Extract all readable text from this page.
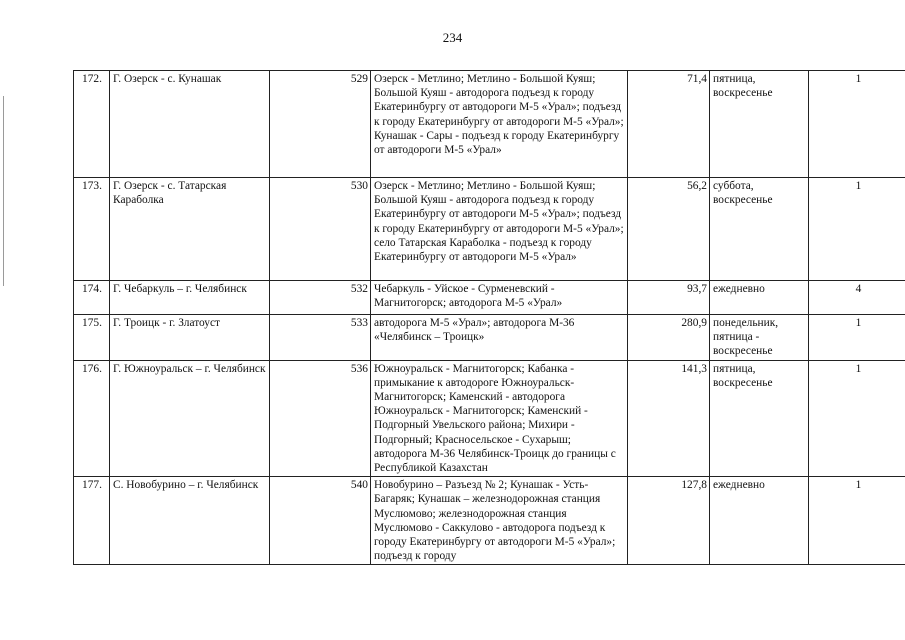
234
172.	Г. Озерск - с. Кунашак	529	Озерск - Метлино; Метлино - Большой Куяш; Большой Куяш - автодорога подъезд к городу Екатеринбургу от автодороги М-5 «Урал»; подъезд к городу Екатеринбургу от автодороги М-5 «Урал»; Кунашак - Сары - подъезд к городу Екатеринбургу от автодороги М-5 «Урал»	71,4	пятница, воскресенье	1
173.	Г. Озерск - с. Татарская Караболка	530	Озерск - Метлино; Метлино - Большой Куяш; Большой Куяш - автодорога подъезд к городу Екатеринбургу от автодороги М-5 «Урал»; подъезд к городу Екатеринбургу от автодороги М-5 «Урал»; село Татарская Караболка - подъезд к городу Екатеринбургу от автодороги М-5 «Урал»	56,2	суббота, воскресенье	1
174.	Г. Чебаркуль – г. Челябинск	532	Чебаркуль - Уйское - Сурменевский - Магнитогорск; автодорога М-5 «Урал»	93,7	ежедневно	4
175.	Г. Троицк - г. Златоуст	533	автодорога М-5 «Урал»; автодорога М-36 «Челябинск – Троицк»	280,9	понедельник, пятница - воскресенье	1
176.	Г. Южноуральск – г. Челябинск	536	Южноуральск - Магнитогорск; Кабанка - примыкание к автодороге Южноуральск-Магнитогорск; Каменский - автодорога Южноуральск - Магнитогорск; Каменский - Подгорный Увельского района; Михири - Подгорный; Красносельское - Сухарыш; автодорога М-36 Челябинск-Троицк до границы с Республикой Казахстан	141,3	пятница, воскресенье	1
177.	С. Новобурино – г. Челябинск	540	Новобурино – Разъезд № 2; Кунашак - Усть-Багаряк; Кунашак – железнодорожная станция Муслюмово; железнодорожная станция Муслюмово - Саккулово - автодорога подъезд к городу Екатеринбургу от автодороги М-5 «Урал»; подъезд к городу	127,8	ежедневно	1
